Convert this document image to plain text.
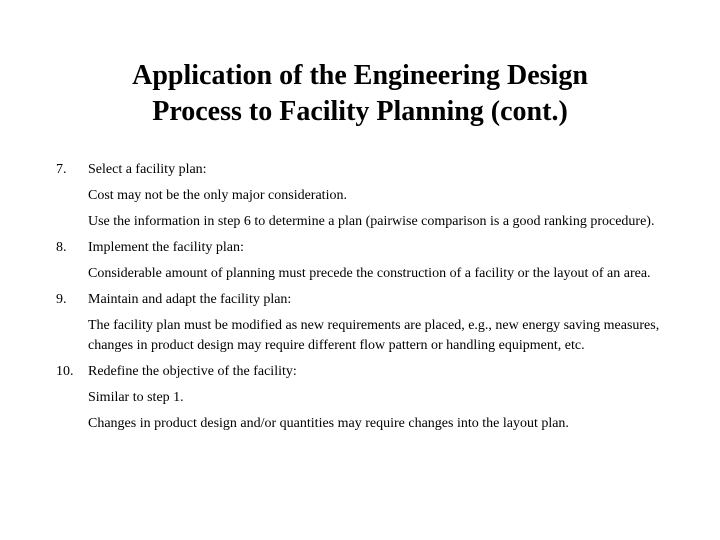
Application of the Engineering Design
Process to Facility Planning (cont.)
7. Select a facility plan:
Cost may not be the only major consideration.
Use the information in step 6 to determine a plan (pairwise comparison is a good ranking procedure).
8. Implement the facility plan:
Considerable amount of planning must precede the construction of a facility or the layout of an area.
9. Maintain and adapt the facility plan:
The facility plan must be modified as new requirements are placed, e.g., new energy saving measures, changes in product design may require different flow pattern or handling equipment, etc.
10. Redefine the objective of the facility:
Similar to step 1.
Changes in product design and/or quantities may require changes into the layout plan.
